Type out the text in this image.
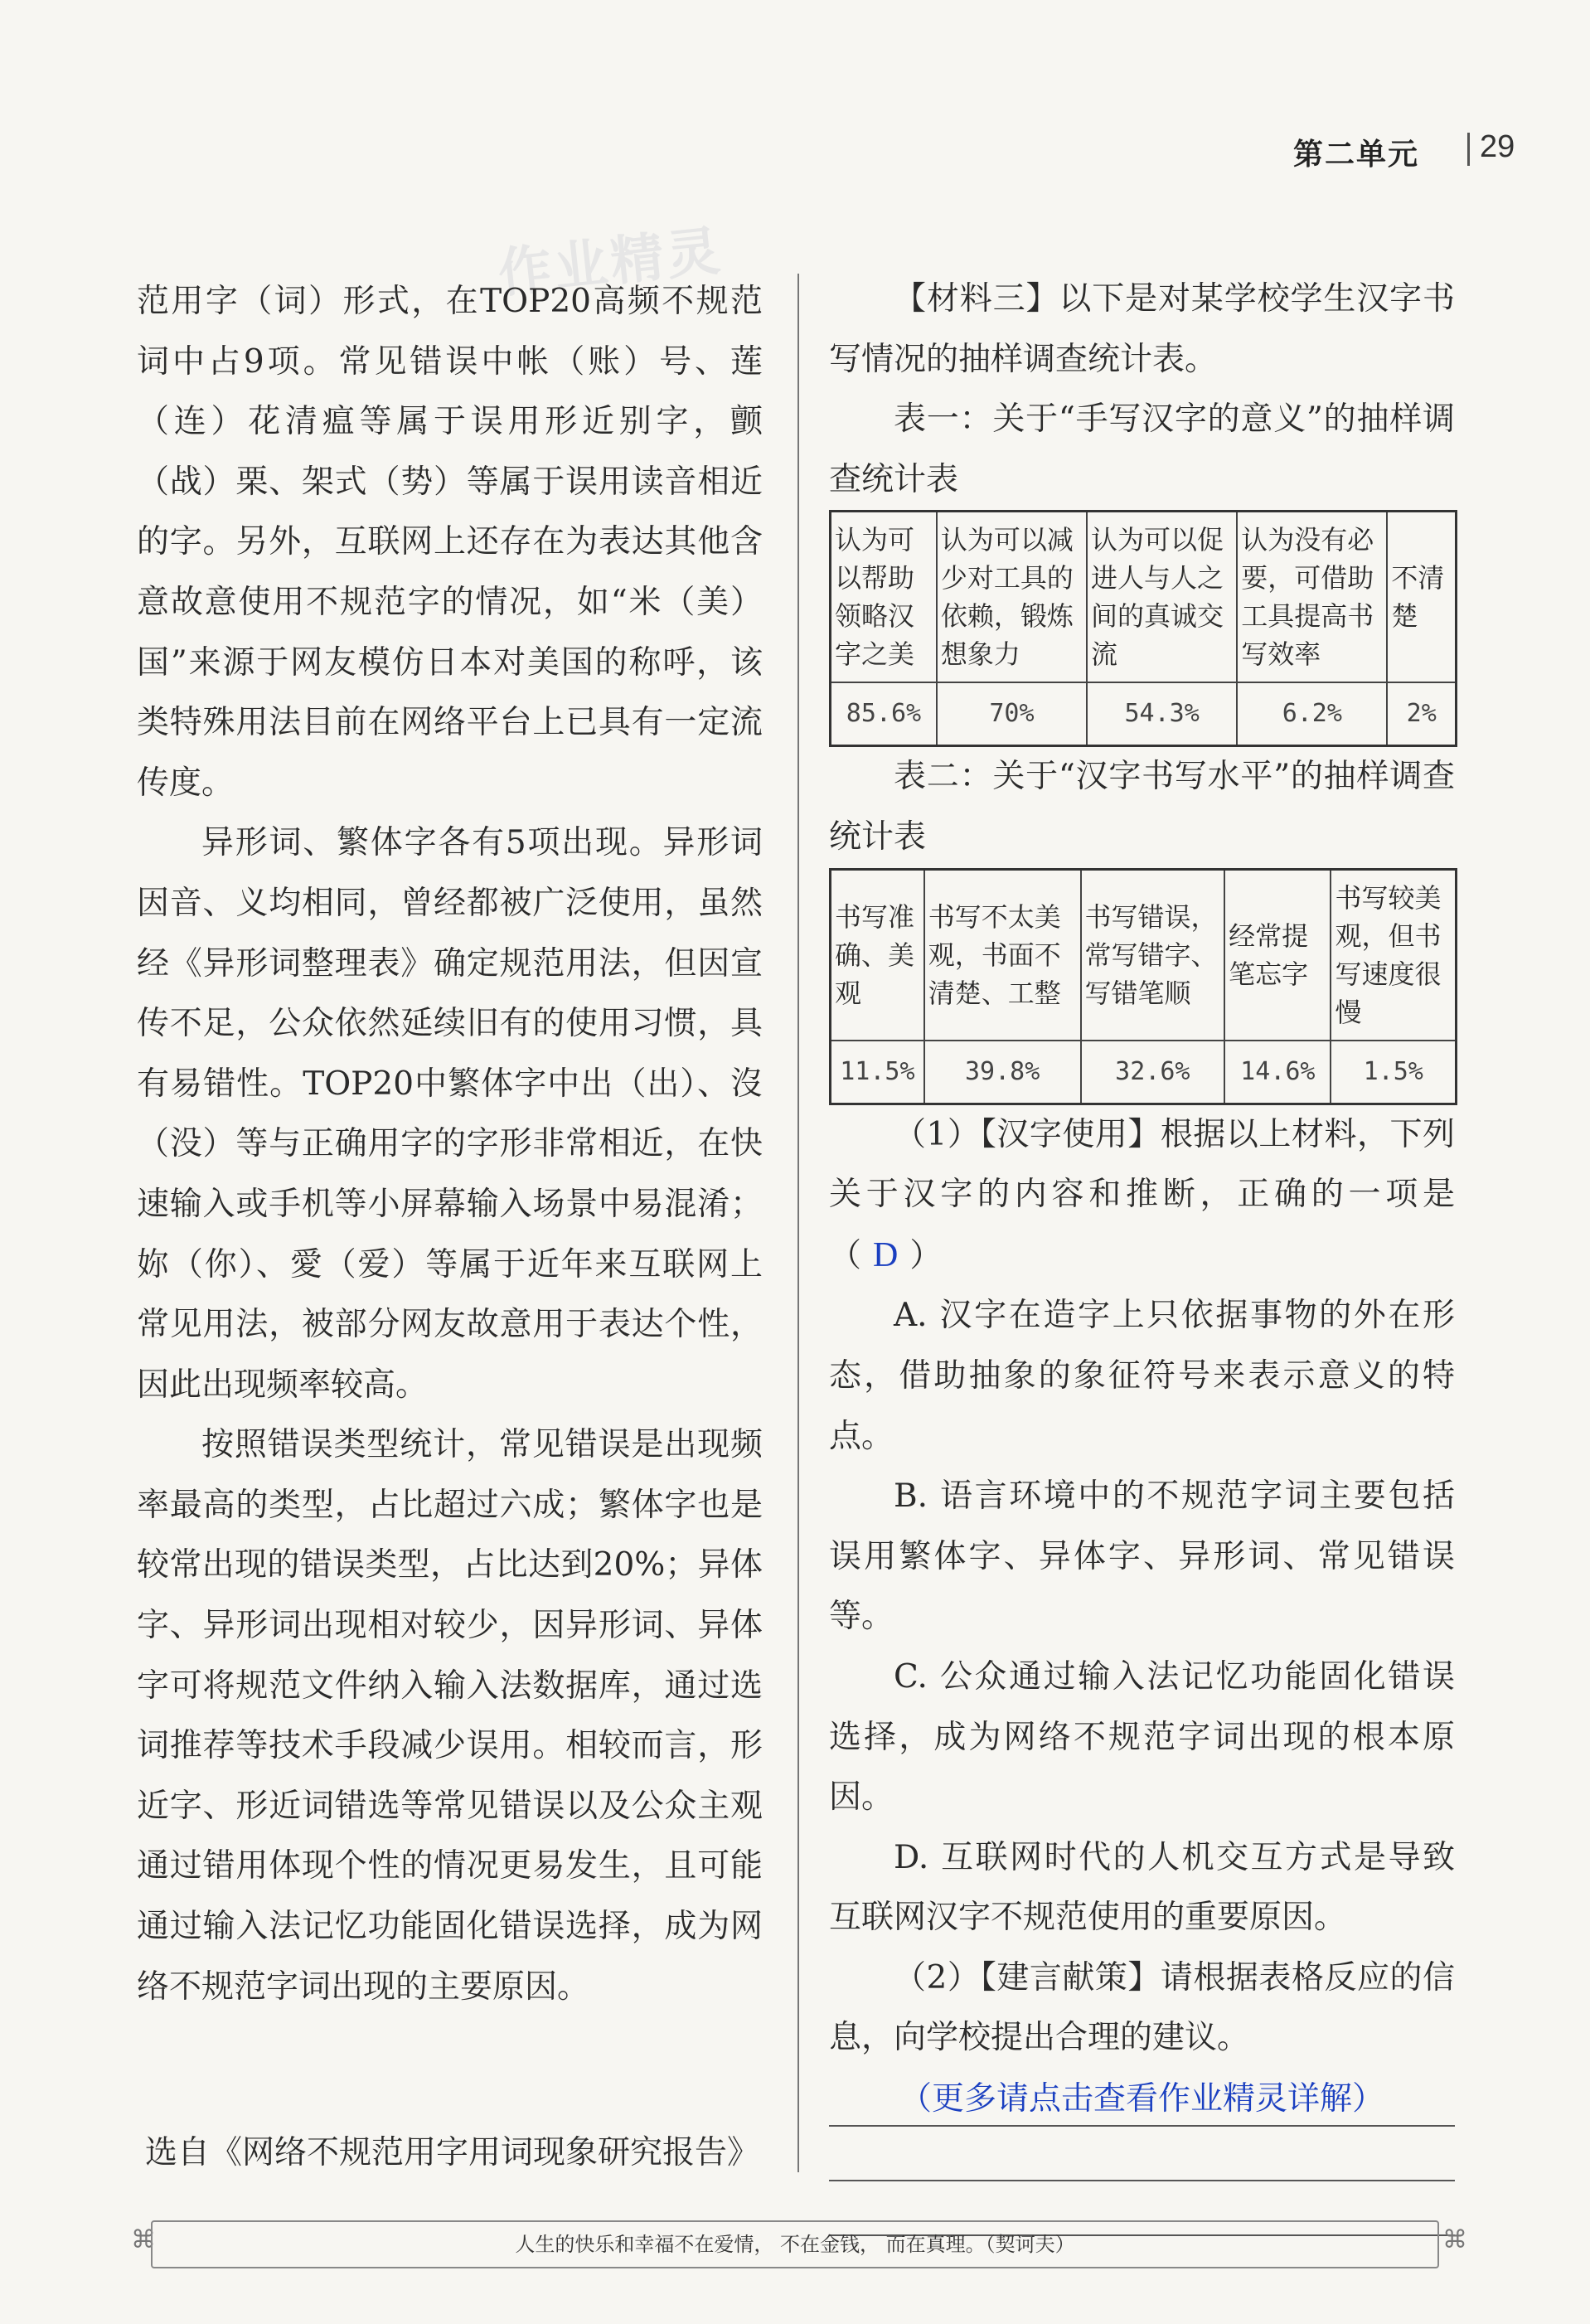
第二单元 29
作业精灵

范用字（词）形式，在TOP20高频不规范词中占9项。常见错误中帐（账）号、莲（连）花清瘟等属于误用形近别字，颤（战）栗、架式（势）等属于误用读音相近的字。另外，互联网上还存在为表达其他含意故意使用不规范字的情况，如“米（美）国”来源于网友模仿日本对美国的称呼，该类特殊用法目前在网络平台上已具有一定流传度。

异形词、繁体字各有5项出现。异形词因音、义均相同，曾经都被广泛使用，虽然经《异形词整理表》确定规范用法，但因宣传不足，公众依然延续旧有的使用习惯，具有易错性。TOP20中繁体字中出（出）、沒（没）等与正确用字的字形非常相近，在快速输入或手机等小屏幕输入场景中易混淆；妳（你）、愛（爱）等属于近年来互联网上常见用法，被部分网友故意用于表达个性，因此出现频率较高。

按照错误类型统计，常见错误是出现频率最高的类型，占比超过六成；繁体字也是较常出现的错误类型，占比达到20%；异体字、异形词出现相对较少，因异形词、异体字可将规范文件纳入输入法数据库，通过选词推荐等技术手段减少误用。相较而言，形近字、形近词错选等常见错误以及公众主观通过错用体现个性的情况更易发生，且可能通过输入法记忆功能固化错误选择，成为网络不规范字词出现的主要原因。

选自《网络不规范用字用词现象研究报告》

【材料三】以下是对某学校学生汉字书写情况的抽样调查统计表。

表一：关于“手写汉字的意义”的抽样调查统计表

认为可以帮助领略汉字之美	认为可以减少对工具的依赖，锻炼想象力	认为可以促进人与人之间的真诚交流	认为没有必要，可借助工具提高书写效率	不清楚
85.6%	70%	54.3%	6.2%	2%

表二：关于“汉字书写水平”的抽样调查统计表

书写准确、美观	书写不太美观，书面不清楚、工整	书写错误，常写错字、写错笔顺	经常提笔忘字	书写较美观，但书写速度很慢
11.5%	39.8%	32.6%	14.6%	1.5%

（1）【汉字使用】根据以上材料，下列关于汉字的内容和推断，正确的一项是（ D ）

A. 汉字在造字上只依据事物的外在形态，借助抽象的象征符号来表示意义的特点。

B. 语言环境中的不规范字词主要包括误用繁体字、异体字、异形词、常见错误等。

C. 公众通过输入法记忆功能固化错误选择，成为网络不规范字词出现的根本原因。

D. 互联网时代的人机交互方式是导致互联网汉字不规范使用的重要原因。

（2）【建言献策】请根据表格反应的信息，向学校提出合理的建议。

（更多请点击查看作业精灵详解）
⌘	人生的快乐和幸福不在爱情， 不在金钱， 而在真理。（契诃夫）	⌘
